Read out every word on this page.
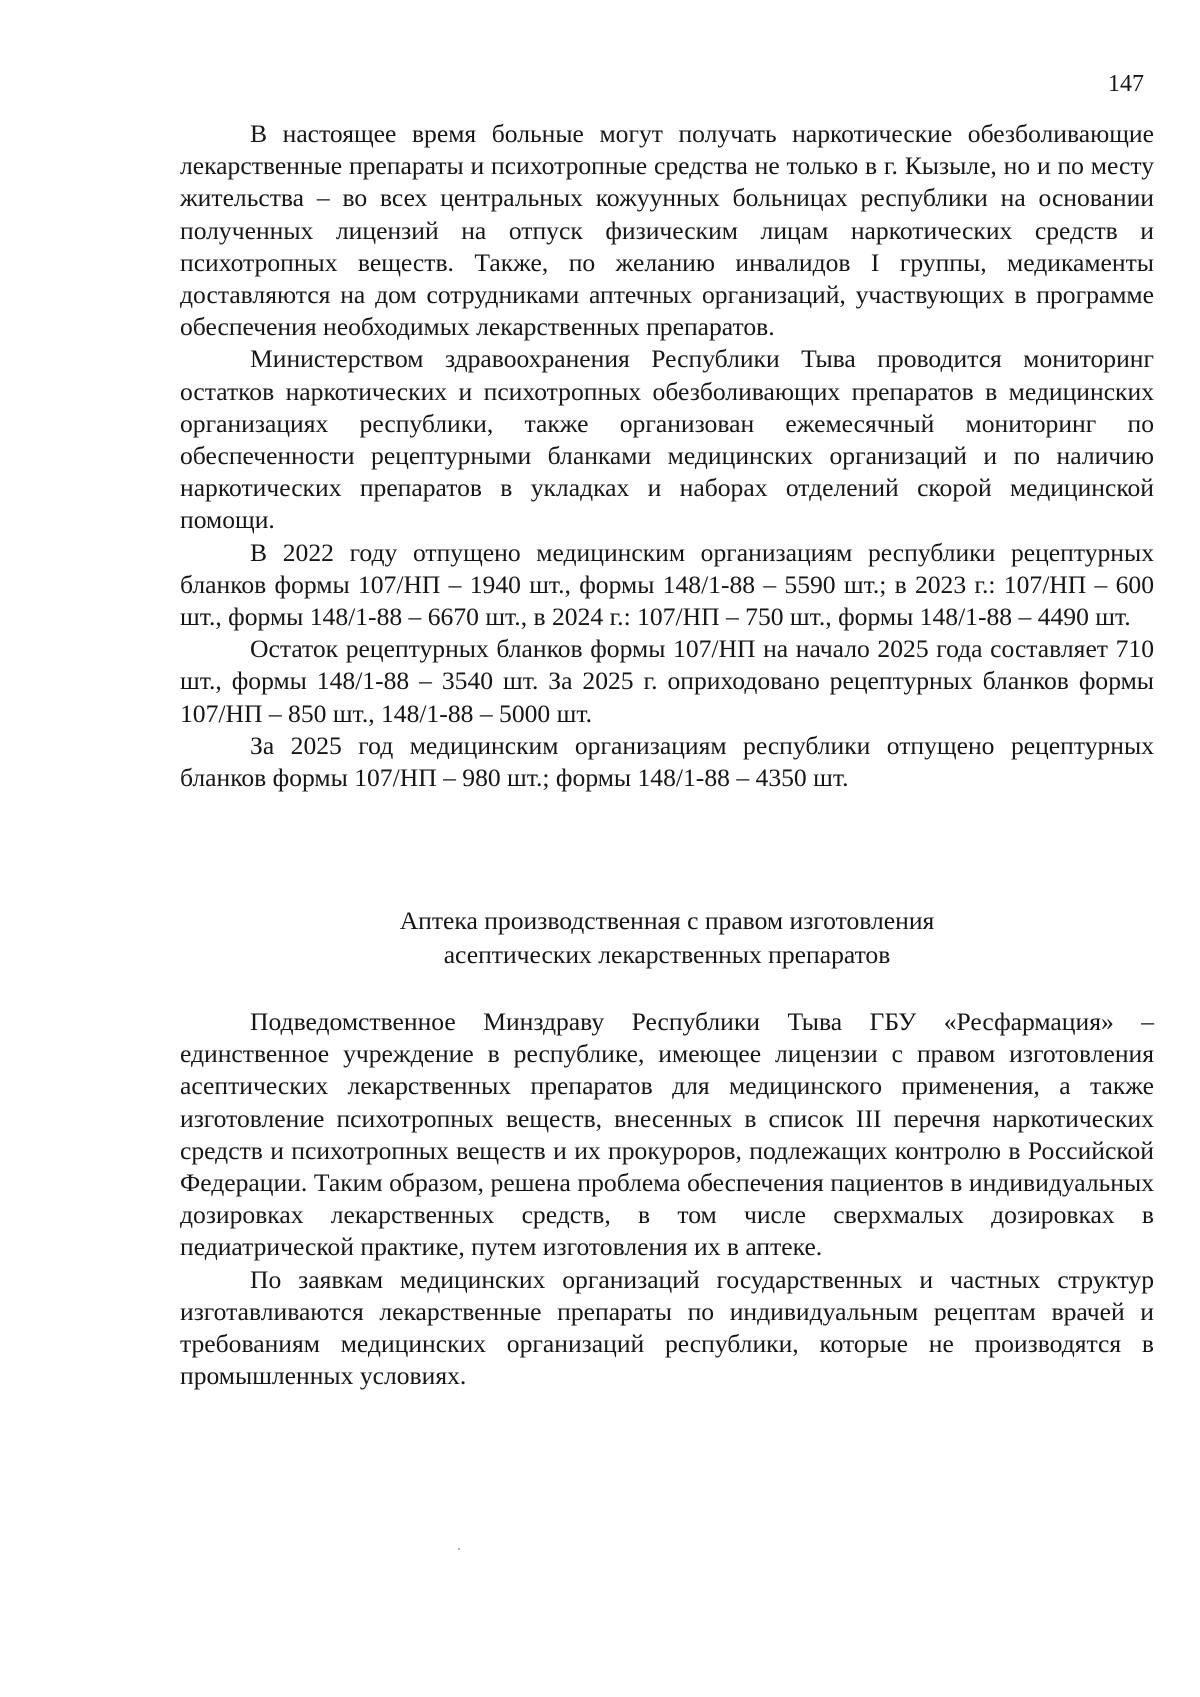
147

В настоящее время больные могут получать наркотические обезболивающие лекарственные препараты и психотропные средства не только в г. Кызыле, но и по месту жительства – во всех центральных кожуунных больницах республики на основании полученных лицензий на отпуск физическим лицам наркотических средств и психотропных веществ. Также, по желанию инвалидов I группы, медикаменты доставляются на дом сотрудниками аптечных организаций, участвующих в программе обеспечения необходимых лекарственных препаратов.

Министерством здравоохранения Республики Тыва проводится мониторинг остатков наркотических и психотропных обезболивающих препаратов в медицинских организациях республики, также организован ежемесячный мониторинг по обеспеченности рецептурными бланками медицинских организаций и по наличию наркотических препаратов в укладках и наборах отделений скорой медицинской помощи.

В 2022 году отпущено медицинским организациям республики рецептурных бланков формы 107/НП – 1940 шт., формы 148/1-88 – 5590 шт.; в 2023 г.: 107/НП – 600 шт., формы 148/1-88 – 6670 шт., в 2024 г.: 107/НП – 750 шт., формы 148/1-88 – 4490 шт.

Остаток рецептурных бланков формы 107/НП на начало 2025 года составляет 710 шт., формы 148/1-88 – 3540 шт. За 2025 г. оприходовано рецептурных бланков формы 107/НП – 850 шт., 148/1-88 – 5000 шт.

За 2025 год медицинским организациям республики отпущено рецептурных бланков формы 107/НП – 980 шт.; формы 148/1-88 – 4350 шт.

Аптека производственная с правом изготовления
асептических лекарственных препаратов

Подведомственное Минздраву Республики Тыва ГБУ «Ресфармация» – единственное учреждение в республике, имеющее лицензии с правом изготовления асептических лекарственных препаратов для медицинского применения, а также изготовление психотропных веществ, внесенных в список III перечня наркотических средств и психотропных веществ и их прокуроров, подлежащих контролю в Российской Федерации. Таким образом, решена проблема обеспечения пациентов в индивидуальных дозировках лекарственных средств, в том числе сверхмалых дозировках в педиатрической практике, путем изготовления их в аптеке.

По заявкам медицинских организаций государственных и частных структур изготавливаются лекарственные препараты по индивидуальным рецептам врачей и требованиям медицинских организаций республики, которые не производятся в промышленных условиях.
